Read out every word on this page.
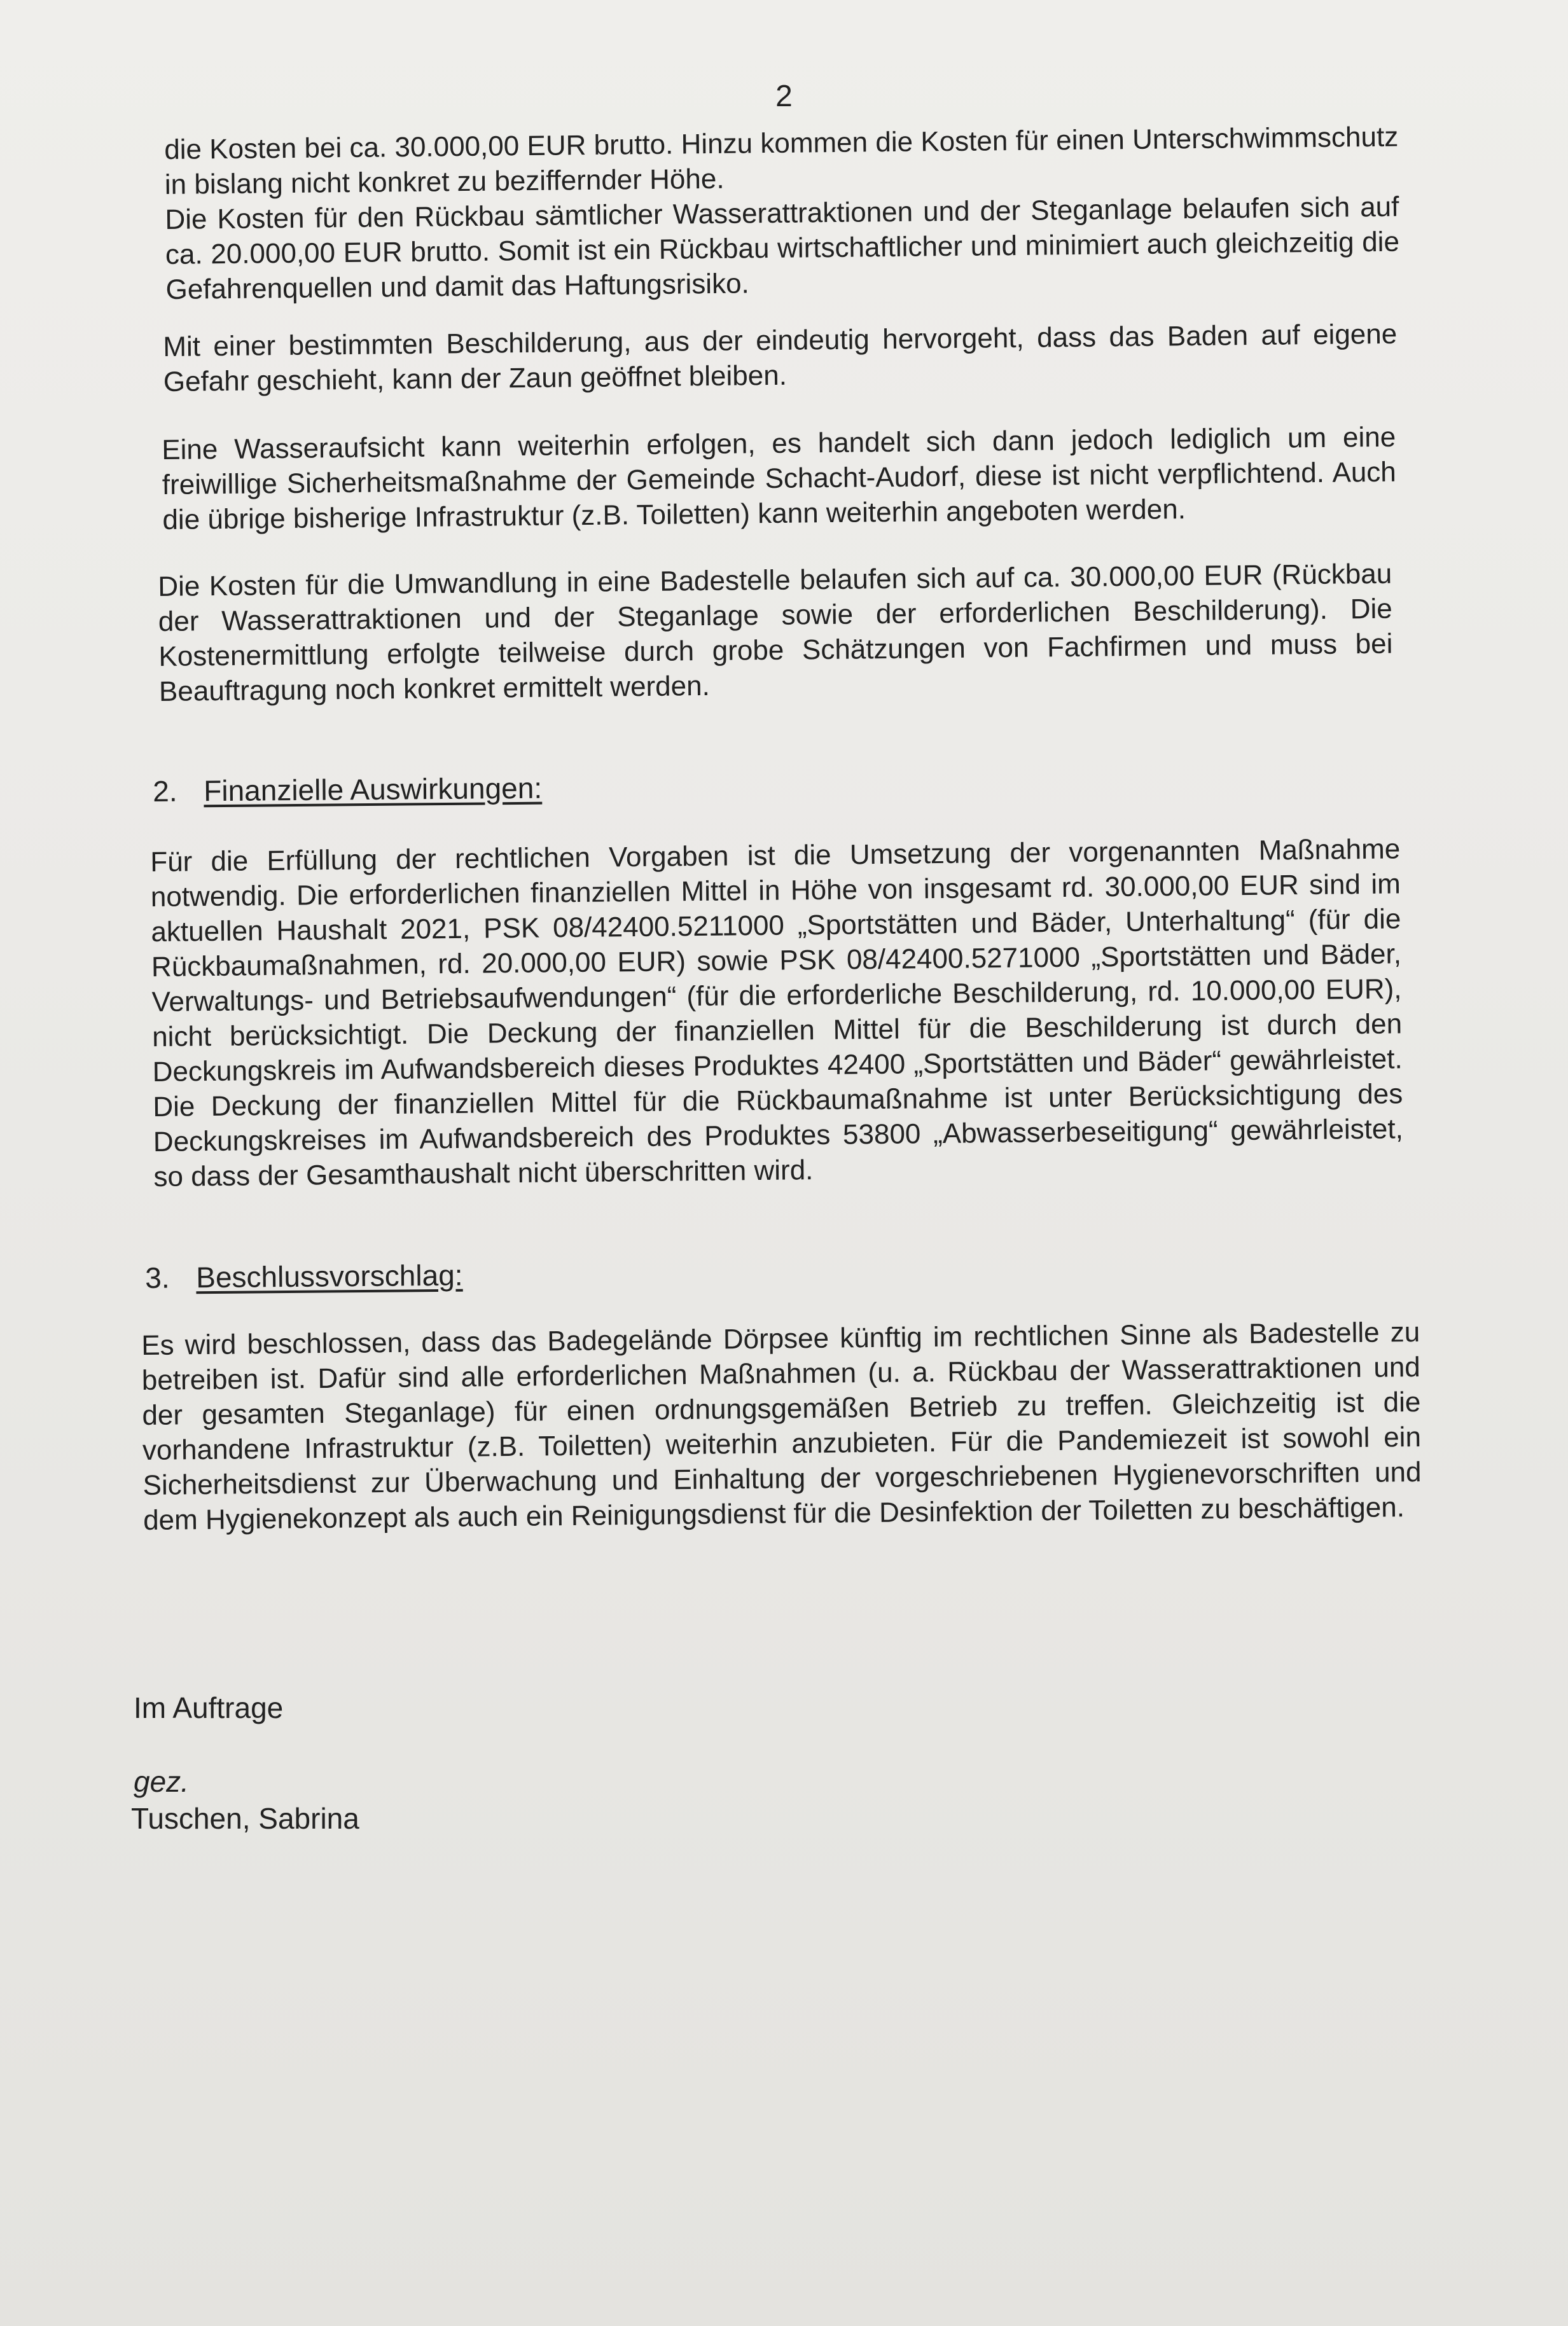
2

die Kosten bei ca. 30.000,00 EUR brutto. Hinzu kommen die Kosten für einen Unterschwimmschutz in bislang nicht konkret zu beziffernder Höhe.

Die Kosten für den Rückbau sämtlicher Wasserattraktionen und der Steganlage belaufen sich auf ca. 20.000,00 EUR brutto. Somit ist ein Rückbau wirtschaftlicher und minimiert auch gleichzeitig die Gefahrenquellen und damit das Haftungsrisiko.

Mit einer bestimmten Beschilderung, aus der eindeutig hervorgeht, dass das Baden auf eigene Gefahr geschieht, kann der Zaun geöffnet bleiben.
Eine Wasseraufsicht kann weiterhin erfolgen, es handelt sich dann jedoch lediglich um eine freiwillige Sicherheitsmaßnahme der Gemeinde Schacht-Audorf, diese ist nicht verpflichtend. Auch die übrige bisherige Infrastruktur (z.B. Toiletten) kann weiterhin angeboten werden.
Die Kosten für die Umwandlung in eine Badestelle belaufen sich auf ca. 30.000,00 EUR (Rückbau der Wasserattraktionen und der Steganlage sowie der erforderlichen Beschilderung). Die Kostenermittlung erfolgte teilweise durch grobe Schätzungen von Fachfirmen und muss bei Beauftragung noch konkret ermittelt werden.
2. Finanzielle Auswirkungen:
Für die Erfüllung der rechtlichen Vorgaben ist die Umsetzung der vorgenannten Maßnahme notwendig. Die erforderlichen finanziellen Mittel in Höhe von insgesamt rd. 30.000,00 EUR sind im aktuellen Haushalt 2021, PSK 08/42400.5211000 „Sportstätten und Bäder, Unterhaltung“ (für die Rückbaumaßnahmen, rd. 20.000,00 EUR) sowie PSK 08/42400.5271000 „Sportstätten und Bäder, Verwaltungs- und Betriebsaufwendungen“ (für die erforderliche Beschilderung, rd. 10.000,00 EUR), nicht berücksichtigt. Die Deckung der finanziellen Mittel für die Beschilderung ist durch den Deckungskreis im Aufwandsbereich dieses Produktes 42400 „Sportstätten und Bäder“ gewährleistet. Die Deckung der finanziellen Mittel für die Rückbaumaßnahme ist unter Berücksichtigung des Deckungskreises im Aufwandsbereich des Produktes 53800 „Abwasserbeseitigung“ gewährleistet, so dass der Gesamthaushalt nicht überschritten wird.
3. Beschlussvorschlag:
Es wird beschlossen, dass das Badegelände Dörpsee künftig im rechtlichen Sinne als Badestelle zu betreiben ist. Dafür sind alle erforderlichen Maßnahmen (u. a. Rückbau der Wasserattraktionen und der gesamten Steganlage) für einen ordnungsgemäßen Betrieb zu treffen. Gleichzeitig ist die vorhandene Infrastruktur (z.B. Toiletten) weiterhin anzubieten. Für die Pandemiezeit ist sowohl ein Sicherheitsdienst zur Überwachung und Einhaltung der vorgeschriebenen Hygienevorschriften und dem Hygienekonzept als auch ein Reinigungsdienst für die Desinfektion der Toiletten zu beschäftigen.
Im Auftrage
gez.
Tuschen, Sabrina
